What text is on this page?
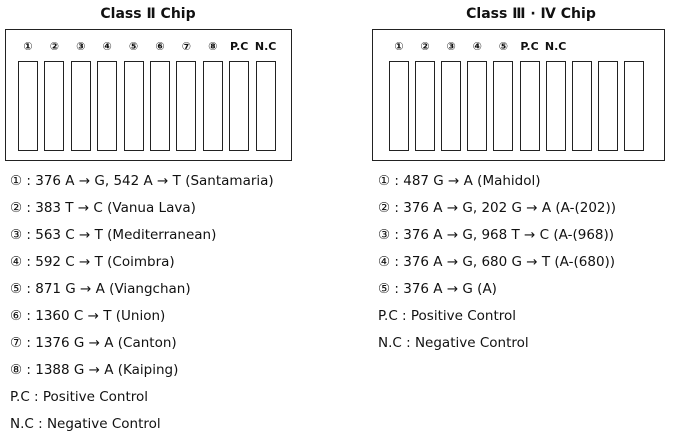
Class Ⅱ Chip
① ② ③ ④ ⑤ ⑥ ⑦ ⑧ P.C N.C
① : 376 A → G, 542 A → T (Santamaria)
② : 383 T → C (Vanua Lava)
③ : 563 C → T (Mediterranean)
④ : 592 C → T (Coimbra)
⑤ : 871 G → A (Viangchan)
⑥ : 1360 C → T (Union)
⑦ : 1376 G → A (Canton)
⑧ : 1388 G → A (Kaiping)
P.C : Positive Control
N.C : Negative Control
Class Ⅲ · Ⅳ Chip
① ② ③ ④ ⑤ P.C N.C
① : 487 G → A (Mahidol)
② : 376 A → G, 202 G → A (A-(202))
③ : 376 A → G, 968 T → C (A-(968))
④ : 376 A → G, 680 G → T (A-(680))
⑤ : 376 A → G (A)
P.C : Positive Control
N.C : Negative Control
